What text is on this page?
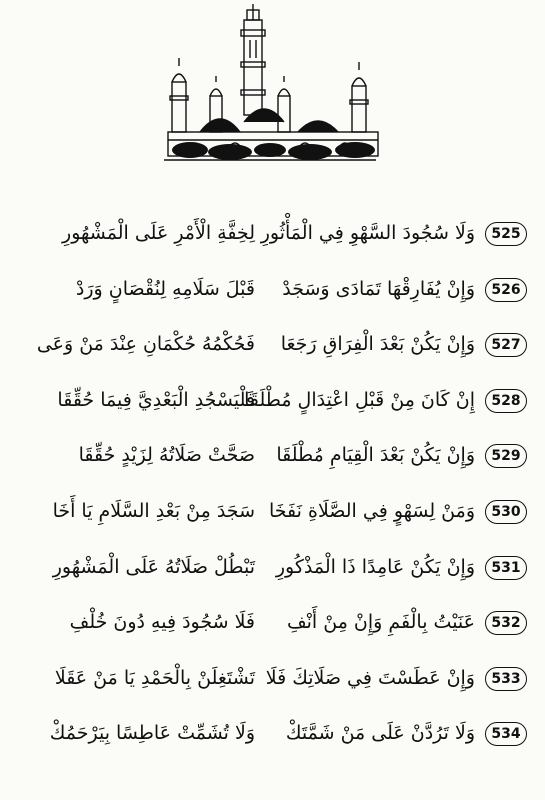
525
وَلَا سُجُودَ السَّهْوِ فِي الْمَأْثُورِ
لِخِفَّةِ الْأَمْرِ عَلَى الْمَشْهُورِ
526
وَإِنْ يُفَارِقْهَا تَمَادَى وَسَجَدْ
قَبْلَ سَلَامِهِ لِنُقْصَانٍ وَرَدْ
527
وَإِنْ يَكُنْ بَعْدَ الْفِرَاقِ رَجَعَا
فَحُكْمُهُ حُكْمَانِ عِنْدَ مَنْ وَعَى
528
إِنْ كَانَ مِنْ قَبْلِ اعْتِدَالٍ مُطْلَقَا
فَلْيَسْجُدِ الْبَعْدِيَّ فِيمَا حُقِّقَا
529
وَإِنْ يَكُنْ بَعْدَ الْقِيَامِ مُطْلَقَا
صَحَّتْ صَلَاتُهُ لِزَيْدٍ حُقِّقَا
530
وَمَنْ لِسَهْوٍ فِي الصَّلَاةِ نَفَخَا
سَجَدَ مِنْ بَعْدِ السَّلَامِ يَا أَخَا
531
وَإِنْ يَكُنْ عَامِدًا ذَا الْمَذْكُورِ
تَبْطُلْ صَلَاتُهُ عَلَى الْمَشْهُورِ
532
عَنَيْتُ بِالْفَمِ وَإِنْ مِنْ أَنْفِ
فَلَا سُجُودَ فِيهِ دُونَ خُلْفِ
533
وَإِنْ عَطَسْتَ فِي صَلَاتِكَ فَلَا
تَشْتَغِلَنْ بِالْحَمْدِ يَا مَنْ عَقَلَا
534
وَلَا تَرُدَّنْ عَلَى مَنْ شَمَّتَكْ
وَلَا تُشَمِّتْ عَاطِسًا بِيَرْحَمُكْ
